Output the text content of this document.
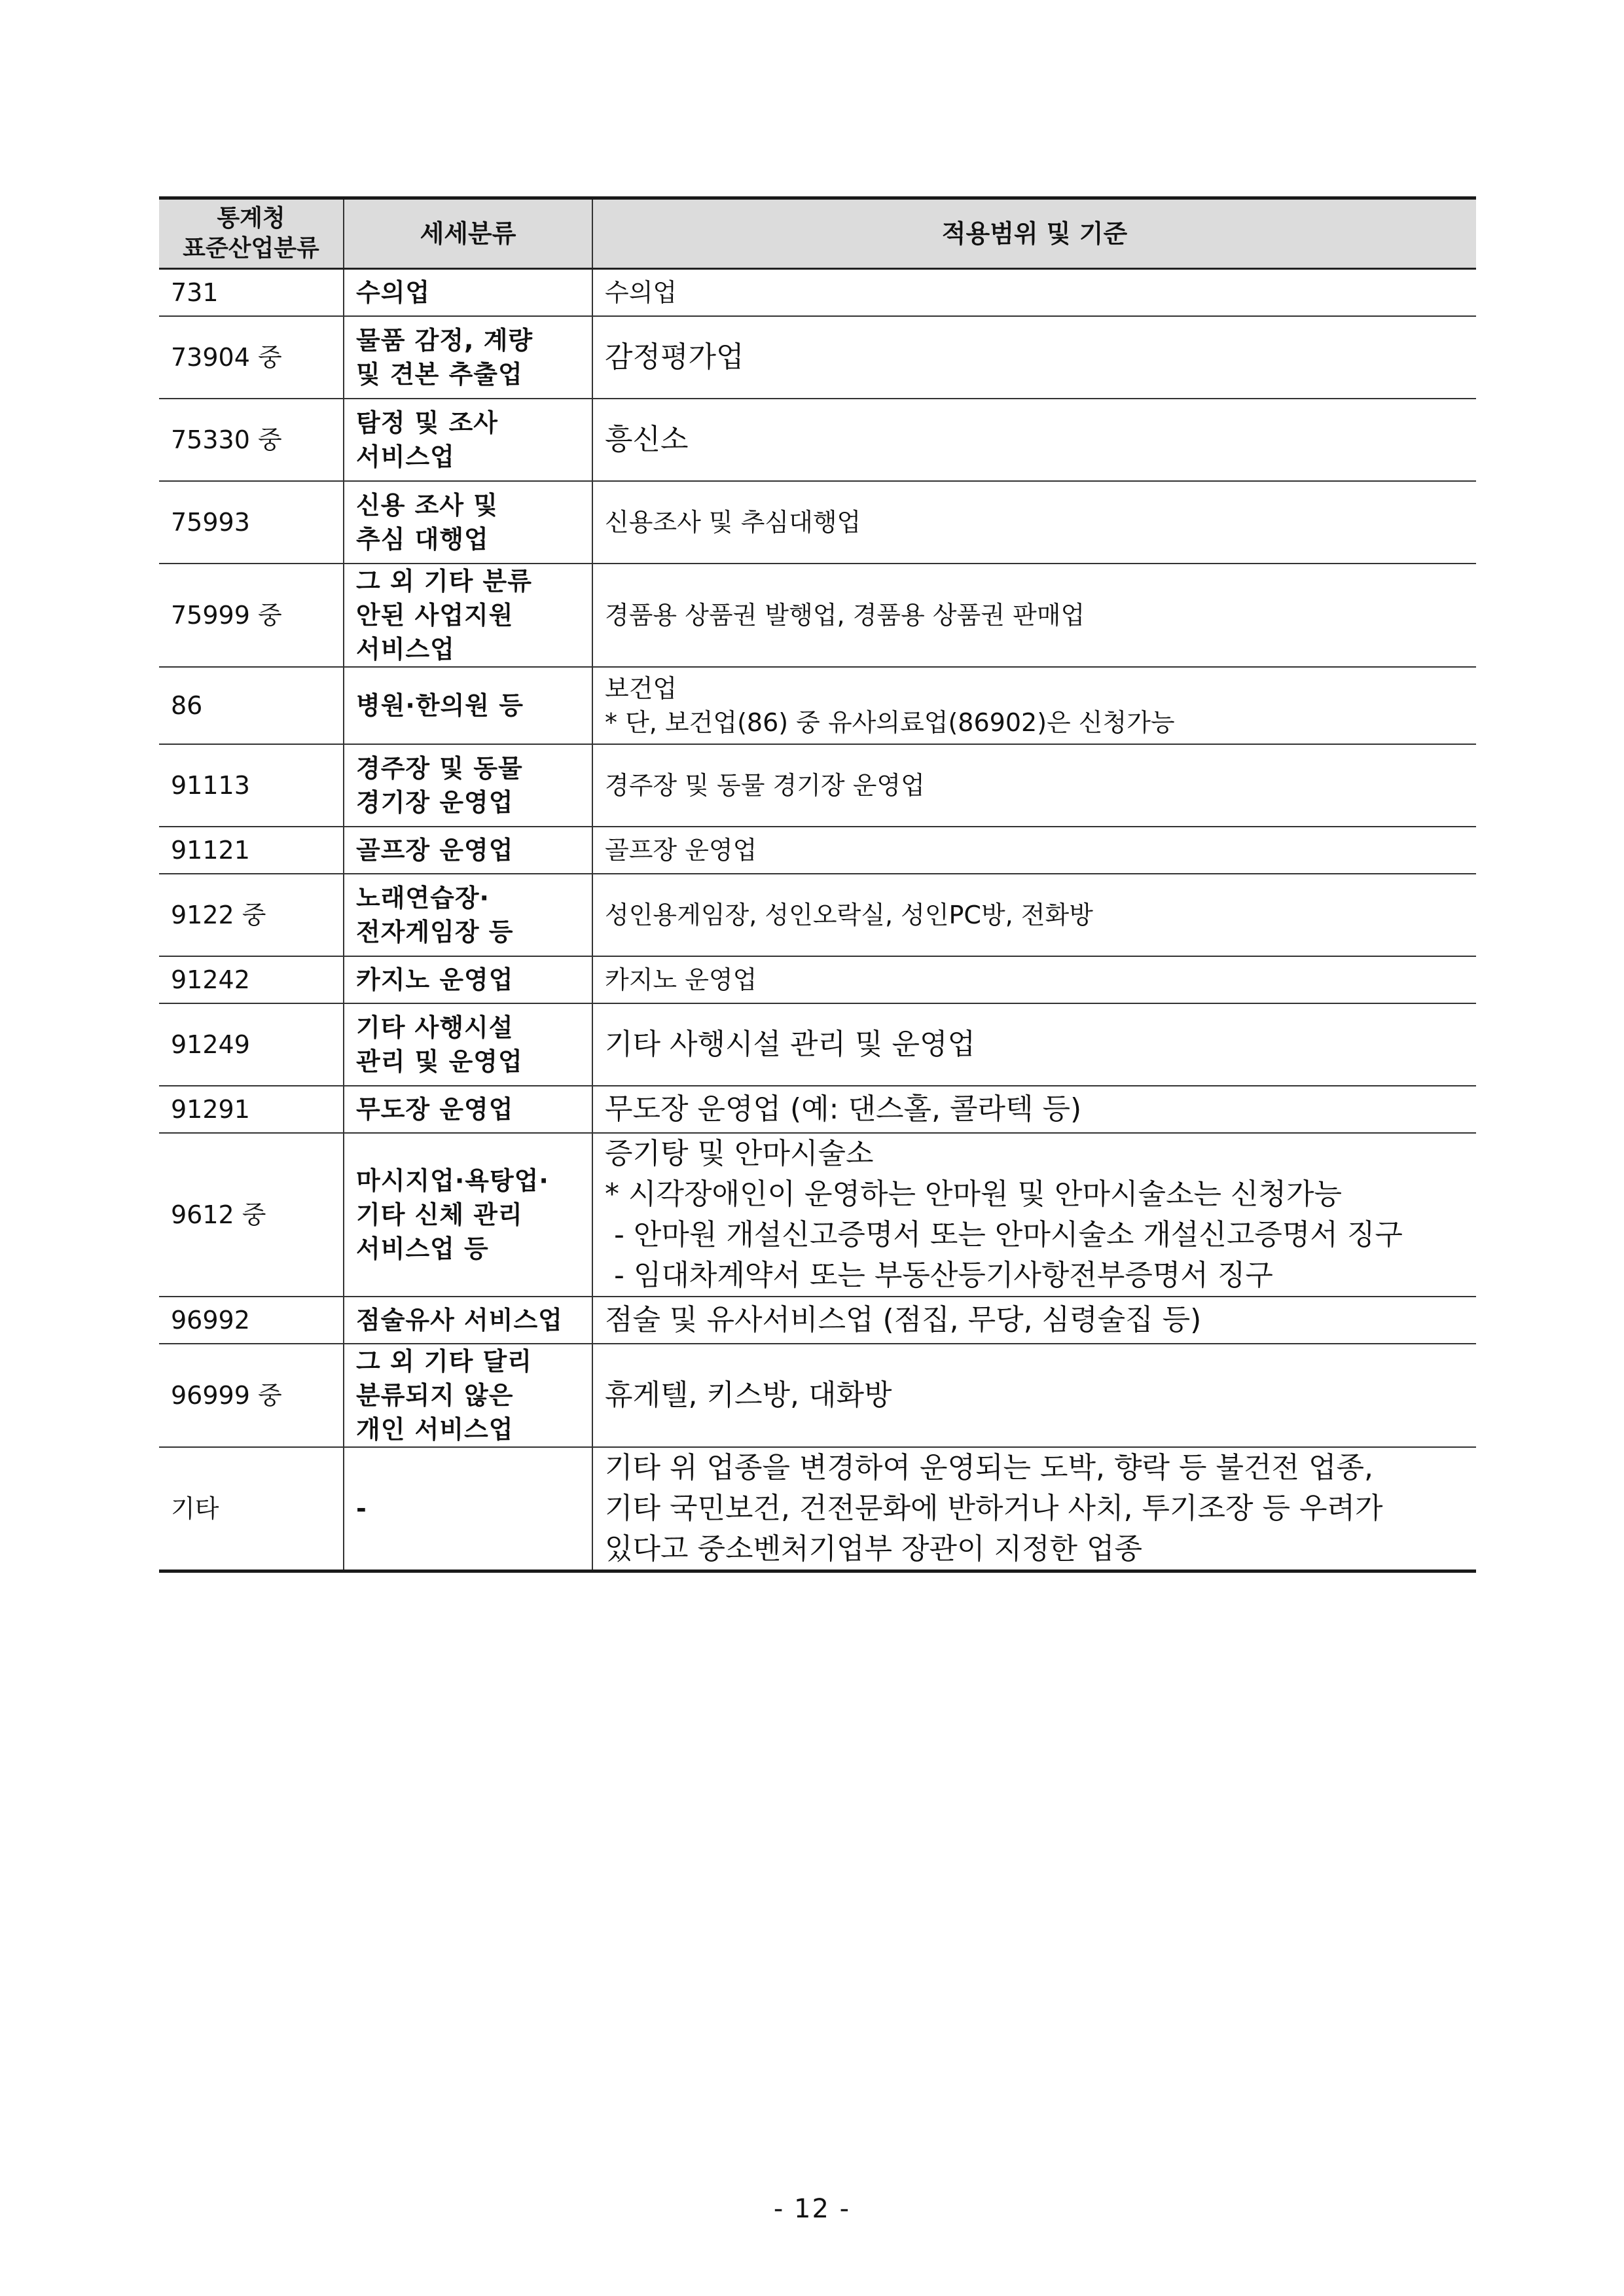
통계청
표준산업분류	세세분류	적용범위 및 기준
731	수의업	수의업

73904 중	물품 감정, 계량
및 견본 추출업	감정평가업

75330 중	탐정 및 조사
서비스업	흥신소

75993	신용 조사 및
추심 대행업	신용조사 및 추심대행업

75999 중	그 외 기타 분류
안된 사업지원
서비스업	경품용 상품권 발행업, 경품용 상품권 판매업

86	병원·한의원 등	보건업
* 단, 보건업(86) 중 유사의료업(86902)은 신청가능

91113	경주장 및 동물
경기장 운영업	경주장 및 동물 경기장 운영업

91121	골프장 운영업	골프장 운영업

9122 중	노래연습장·
전자게임장 등	성인용게임장, 성인오락실, 성인PC방, 전화방

91242	카지노 운영업	카지노 운영업

91249	기타 사행시설
관리 및 운영업	기타 사행시설 관리 및 운영업

91291	무도장 운영업	무도장 운영업 (예: 댄스홀, 콜라텍 등)

9612 중	마시지업·욕탕업·
기타 신체 관리
서비스업 등	증기탕 및 안마시술소
* 시각장애인이 운영하는 안마원 및 안마시술소는 신청가능
- 안마원 개설신고증명서 또는 안마시술소 개설신고증명서 징구
- 임대차계약서 또는 부동산등기사항전부증명서 징구

96992	점술유사 서비스업	점술 및 유사서비스업 (점집, 무당, 심령술집 등)

96999 중	그 외 기타 달리
분류되지 않은
개인 서비스업	휴게텔, 키스방, 대화방

기타	-	기타 위 업종을 변경하여 운영되는 도박, 향락 등 불건전 업종,
기타 국민보건, 건전문화에 반하거나 사치, 투기조장 등 우려가
있다고 중소벤처기업부 장관이 지정한 업종
- 12 -
